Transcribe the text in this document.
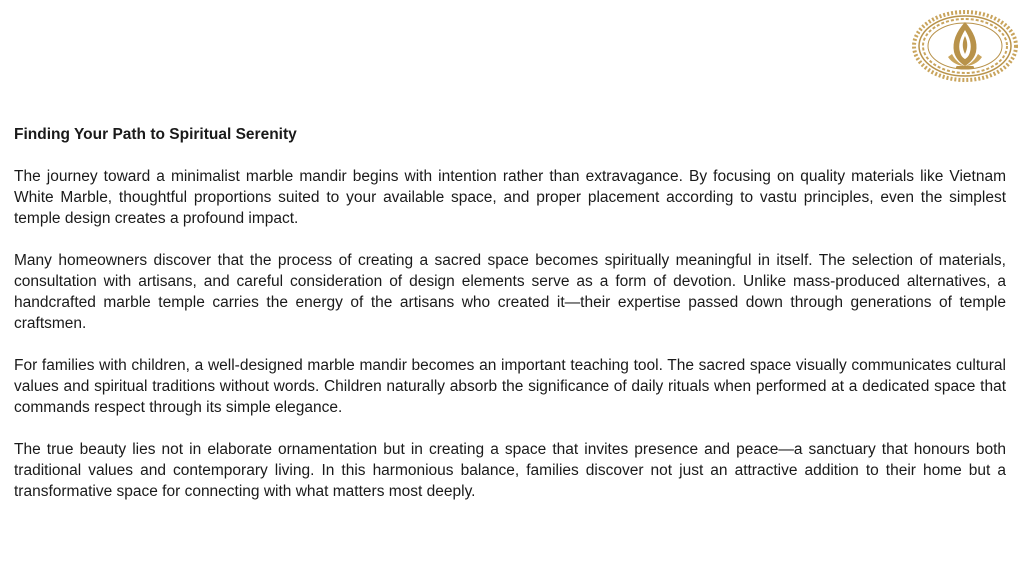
Finding Your Path to Spiritual Serenity

The journey toward a minimalist marble mandir begins with intention rather than extravagance. By focusing on quality materials like Vietnam White Marble, thoughtful proportions suited to your available space, and proper placement according to vastu principles, even the simplest temple design creates a profound impact.

Many homeowners discover that the process of creating a sacred space becomes spiritually meaningful in itself. The selection of materials, consultation with artisans, and careful consideration of design elements serve as a form of devotion. Unlike mass-produced alternatives, a handcrafted marble temple carries the energy of the artisans who created it—their expertise passed down through generations of temple craftsmen.

For families with children, a well-designed marble mandir becomes an important teaching tool. The sacred space visually communicates cultural values and spiritual traditions without words. Children naturally absorb the significance of daily rituals when performed at a dedicated space that commands respect through its simple elegance.

The true beauty lies not in elaborate ornamentation but in creating a space that invites presence and peace—a sanctuary that honours both traditional values and contemporary living. In this harmonious balance, families discover not just an attractive addition to their home but a transformative space for connecting with what matters most deeply.
